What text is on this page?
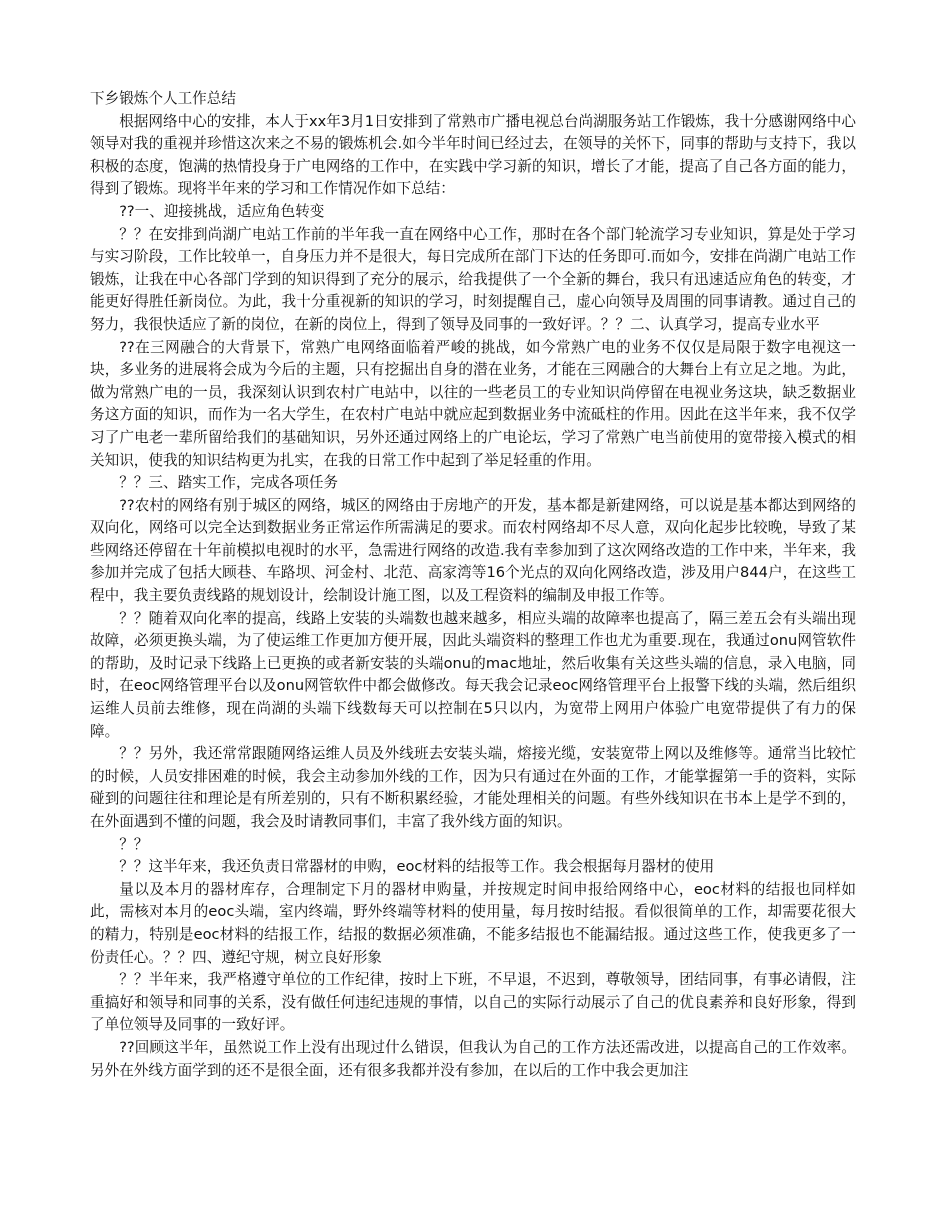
下乡锻炼个人工作总结

根据网络中心的安排，本人于xx年3月1日安排到了常熟市广播电视总台尚湖服务站工作锻炼，我十分感谢网络中心领导对我的重视并珍惜这次来之不易的锻炼机会.如今半年时间已经过去，在领导的关怀下，同事的帮助与支持下，我以积极的态度，饱满的热情投身于广电网络的工作中，在实践中学习新的知识，增长了才能，提高了自己各方面的能力，得到了锻炼。现将半年来的学习和工作情况作如下总结：

??一、迎接挑战，适应角色转变

？？在安排到尚湖广电站工作前的半年我一直在网络中心工作，那时在各个部门轮流学习专业知识，算是处于学习与实习阶段，工作比较单一，自身压力并不是很大，每日完成所在部门下达的任务即可.而如今，安排在尚湖广电站工作锻炼，让我在中心各部门学到的知识得到了充分的展示，给我提供了一个全新的舞台，我只有迅速适应角色的转变，才能更好得胜任新岗位。为此，我十分重视新的知识的学习，时刻提醒自己，虚心向领导及周围的同事请教。通过自己的努力，我很快适应了新的岗位，在新的岗位上，得到了领导及同事的一致好评。？？二、认真学习，提高专业水平

??在三网融合的大背景下，常熟广电网络面临着严峻的挑战，如今常熟广电的业务不仅仅是局限于数字电视这一块，多业务的进展将会成为今后的主题，只有挖掘出自身的潜在业务，才能在三网融合的大舞台上有立足之地。为此，做为常熟广电的一员，我深刻认识到农村广电站中，以往的一些老员工的专业知识尚停留在电视业务这块，缺乏数据业务这方面的知识，而作为一名大学生，在农村广电站中就应起到数据业务中流砥柱的作用。因此在这半年来，我不仅学习了广电老一辈所留给我们的基础知识，另外还通过网络上的广电论坛，学习了常熟广电当前使用的宽带接入模式的相关知识，使我的知识结构更为扎实，在我的日常工作中起到了举足轻重的作用。

？？三、踏实工作，完成各项任务

??农村的网络有别于城区的网络，城区的网络由于房地产的开发，基本都是新建网络，可以说是基本都达到网络的双向化，网络可以完全达到数据业务正常运作所需满足的要求。而农村网络却不尽人意，双向化起步比较晚，导致了某些网络还停留在十年前模拟电视时的水平，急需进行网络的改造.我有幸参加到了这次网络改造的工作中来，半年来，我参加并完成了包括大顾巷、车路坝、河金村、北范、高家湾等16个光点的双向化网络改造，涉及用户844户，在这些工程中，我主要负责线路的规划设计，绘制设计施工图，以及工程资料的编制及申报工作等。

？？随着双向化率的提高，线路上安装的头端数也越来越多，相应头端的故障率也提高了，隔三差五会有头端出现故障，必须更换头端，为了使运维工作更加方便开展，因此头端资料的整理工作也尤为重要.现在，我通过onu网管软件的帮助，及时记录下线路上已更换的或者新安装的头端onu的mac地址，然后收集有关这些头端的信息，录入电脑，同时，在eoc网络管理平台以及onu网管软件中都会做修改。每天我会记录eoc网络管理平台上报警下线的头端，然后组织运维人员前去维修，现在尚湖的头端下线数每天可以控制在5只以内，为宽带上网用户体验广电宽带提供了有力的保障。

？？另外，我还常常跟随网络运维人员及外线班去安装头端，熔接光缆，安装宽带上网以及维修等。通常当比较忙的时候，人员安排困难的时候，我会主动参加外线的工作，因为只有通过在外面的工作，才能掌握第一手的资料，实际碰到的问题往往和理论是有所差别的，只有不断积累经验，才能处理相关的问题。有些外线知识在书本上是学不到的，在外面遇到不懂的问题，我会及时请教同事们，丰富了我外线方面的知识。

？？

？？这半年来，我还负责日常器材的申购，eoc材料的结报等工作。我会根据每月器材的使用

量以及本月的器材库存，合理制定下月的器材申购量，并按规定时间申报给网络中心，eoc材料的结报也同样如此，需核对本月的eoc头端，室内终端，野外终端等材料的使用量，每月按时结报。看似很简单的工作，却需要花很大的精力，特别是eoc材料的结报工作，结报的数据必须准确，不能多结报也不能漏结报。通过这些工作，使我更多了一份责任心。？？四、遵纪守规，树立良好形象

？？半年来，我严格遵守单位的工作纪律，按时上下班，不早退，不迟到，尊敬领导，团结同事，有事必请假，注重搞好和领导和同事的关系，没有做任何违纪违规的事情，以自己的实际行动展示了自己的优良素养和良好形象，得到了单位领导及同事的一致好评。

??回顾这半年，虽然说工作上没有出现过什么错误，但我认为自己的工作方法还需改进，以提高自己的工作效率。另外在外线方面学到的还不是很全面，还有很多我都并没有参加，在以后的工作中我会更加注
